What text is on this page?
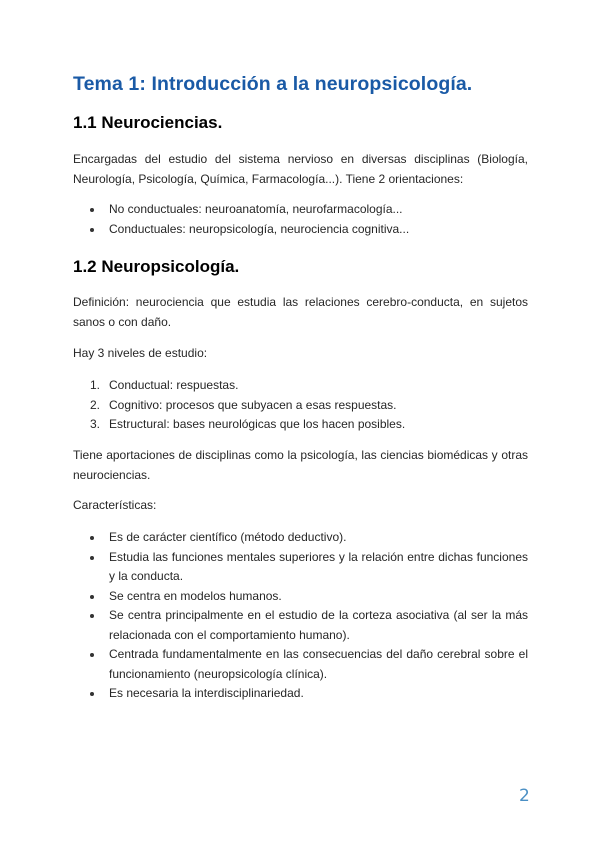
Tema 1: Introducción a la neuropsicología.
1.1 Neurociencias.

Encargadas del estudio del sistema nervioso en diversas disciplinas (Biología, Neurología, Psicología, Química, Farmacología...). Tiene 2 orientaciones:

No conductuales: neuroanatomía, neurofarmacología...
Conductuales: neuropsicología, neurociencia cognitiva...
1.2 Neuropsicología.

Definición: neurociencia que estudia las relaciones cerebro-conducta, en sujetos sanos o con daño.

Hay 3 niveles de estudio:

1. Conductual: respuestas.
2. Cognitivo: procesos que subyacen a esas respuestas.
3. Estructural: bases neurológicas que los hacen posibles.

Tiene aportaciones de disciplinas como la psicología, las ciencias biomédicas y otras neurociencias.

Características:

Es de carácter científico (método deductivo).
Estudia las funciones mentales superiores y la relación entre dichas funciones y la conducta.
Se centra en modelos humanos.
Se centra principalmente en el estudio de la corteza asociativa (al ser la más relacionada con el comportamiento humano).
Centrada fundamentalmente en las consecuencias del daño cerebral sobre el funcionamiento (neuropsicología clínica).
Es necesaria la interdisciplinariedad.
2
